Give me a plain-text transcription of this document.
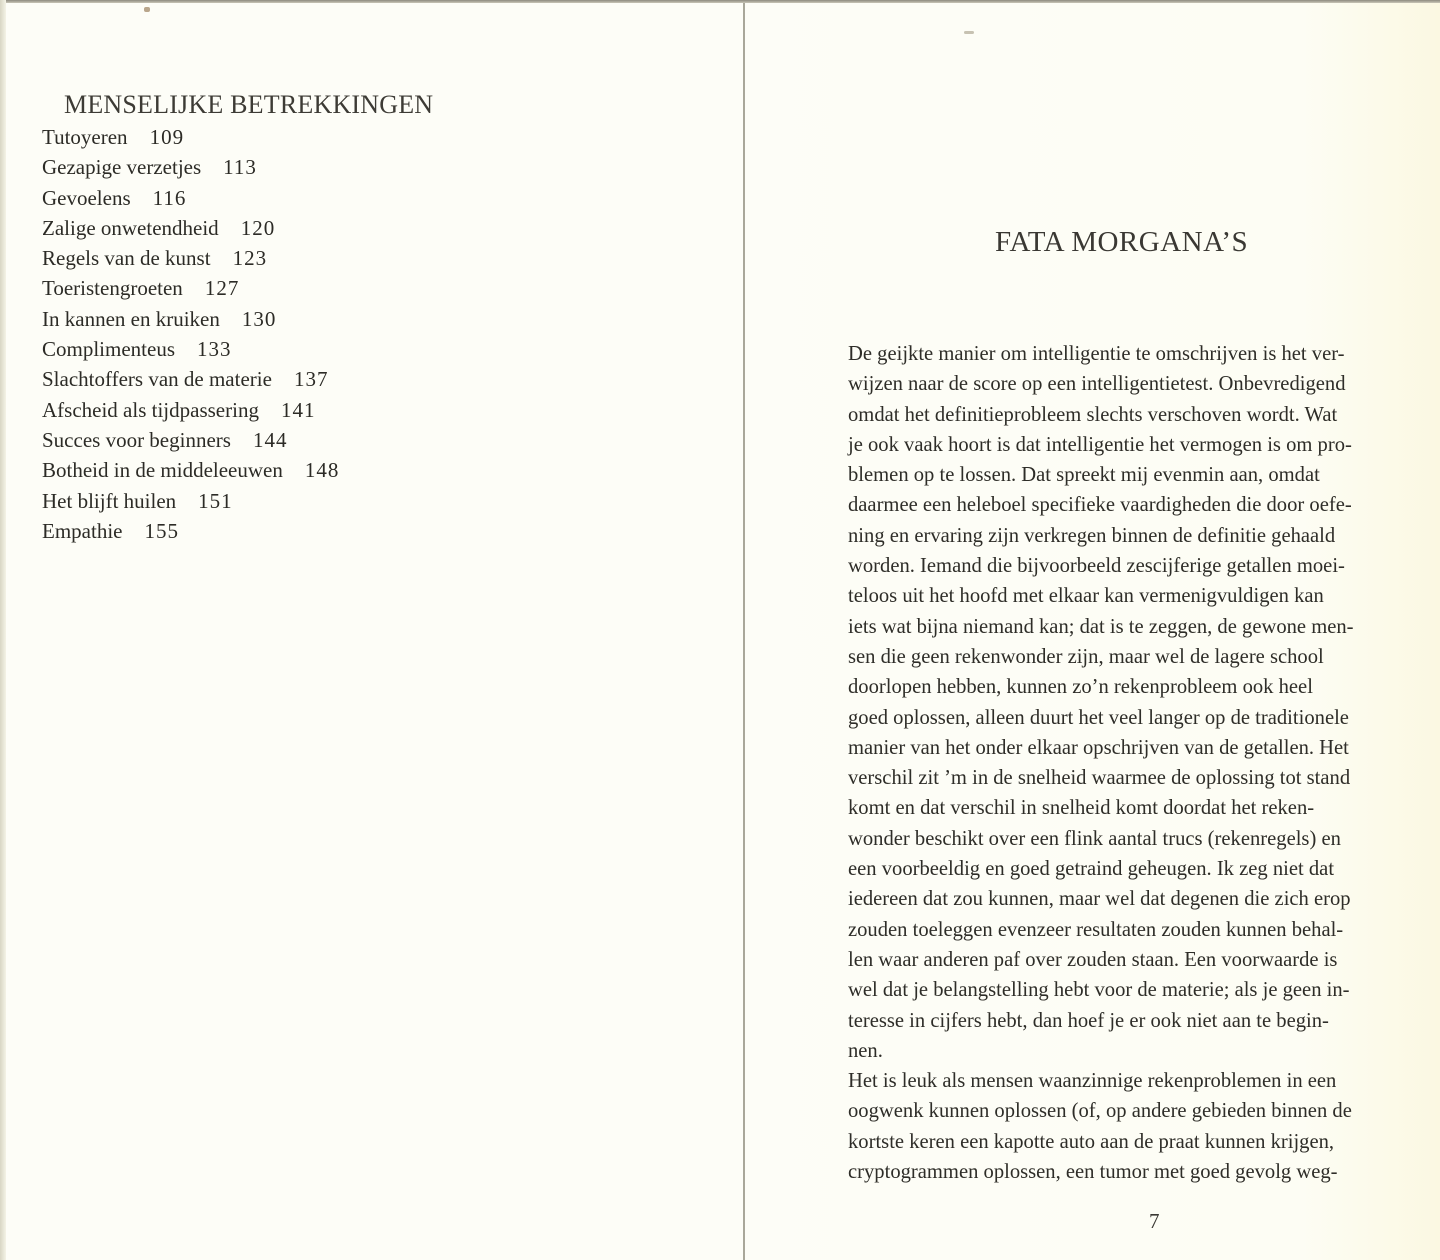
MENSELIJKE BETREKKINGEN
Tutoyeren 109
Gezapige verzetjes 113
Gevoelens 116
Zalige onwetendheid 120
Regels van de kunst 123
Toeristengroeten 127
In kannen en kruiken 130
Complimenteus 133
Slachtoffers van de materie 137
Afscheid als tijdpassering 141
Succes voor beginners 144
Botheid in de middeleeuwen 148
Het blijft huilen 151
Empathie 155
FATA MORGANA’S
De geijkte manier om intelligentie te omschrijven is het ver-
wijzen naar de score op een intelligentietest. Onbevredigend
omdat het definitieprobleem slechts verschoven wordt. Wat
je ook vaak hoort is dat intelligentie het vermogen is om pro-
blemen op te lossen. Dat spreekt mij evenmin aan, omdat
daarmee een heleboel specifieke vaardigheden die door oefe-
ning en ervaring zijn verkregen binnen de definitie gehaald
worden. Iemand die bijvoorbeeld zescijferige getallen moei-
teloos uit het hoofd met elkaar kan vermenigvuldigen kan
iets wat bijna niemand kan; dat is te zeggen, de gewone men-
sen die geen rekenwonder zijn, maar wel de lagere school
doorlopen hebben, kunnen zo’n rekenprobleem ook heel
goed oplossen, alleen duurt het veel langer op de traditionele
manier van het onder elkaar opschrijven van de getallen. Het
verschil zit ’m in de snelheid waarmee de oplossing tot stand
komt en dat verschil in snelheid komt doordat het reken-
wonder beschikt over een flink aantal trucs (rekenregels) en
een voorbeeldig en goed getraind geheugen. Ik zeg niet dat
iedereen dat zou kunnen, maar wel dat degenen die zich erop
zouden toeleggen evenzeer resultaten zouden kunnen behal-
len waar anderen paf over zouden staan. Een voorwaarde is
wel dat je belangstelling hebt voor de materie; als je geen in-
teresse in cijfers hebt, dan hoef je er ook niet aan te begin-
nen.
Het is leuk als mensen waanzinnige rekenproblemen in een
oogwenk kunnen oplossen (of, op andere gebieden binnen de
kortste keren een kapotte auto aan de praat kunnen krijgen,
cryptogrammen oplossen, een tumor met goed gevolg weg-
7
